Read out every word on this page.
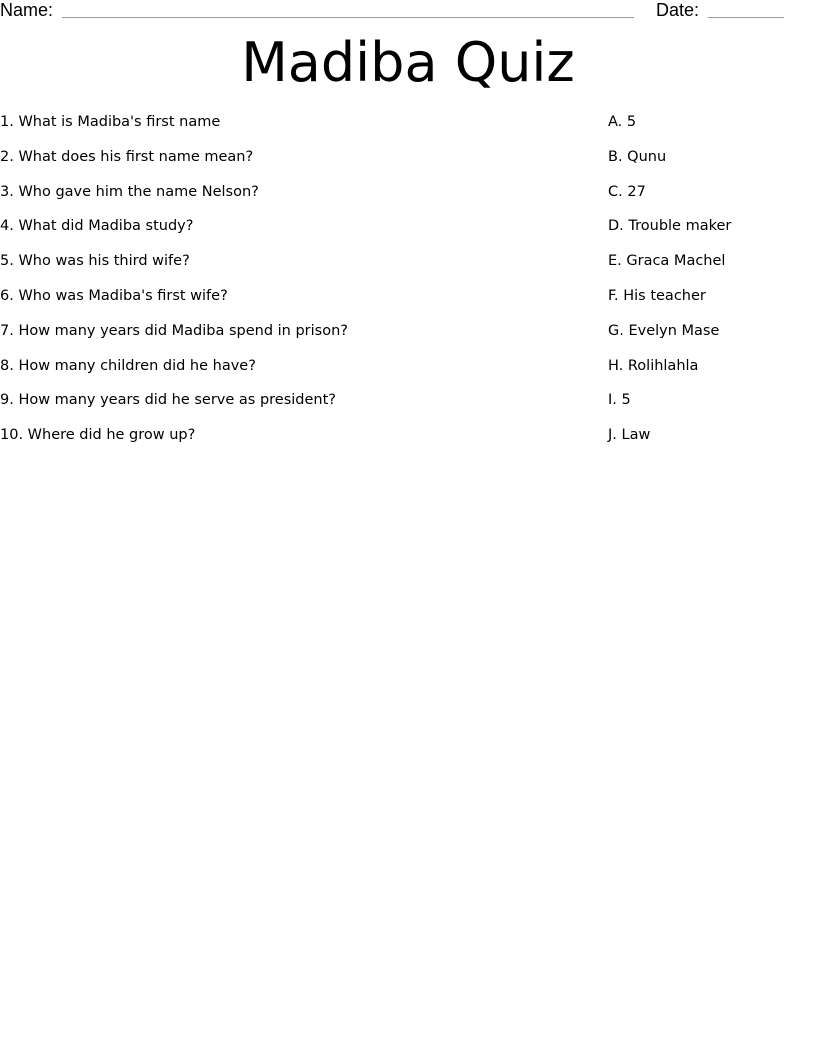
Name:	Date:
Madiba Quiz
1. What is Madiba's first name
2. What does his first name mean?
3. Who gave him the name Nelson?
4. What did Madiba study?
5. Who was his third wife?
6. Who was Madiba's first wife?
7. How many years did Madiba spend in prison?
8. How many children did he have?
9. How many years did he serve as president?
10. Where did he grow up?
A. 5
B. Qunu
C. 27
D. Trouble maker
E. Graca Machel
F. His teacher
G. Evelyn Mase
H. Rolihlahla
I. 5
J. Law
